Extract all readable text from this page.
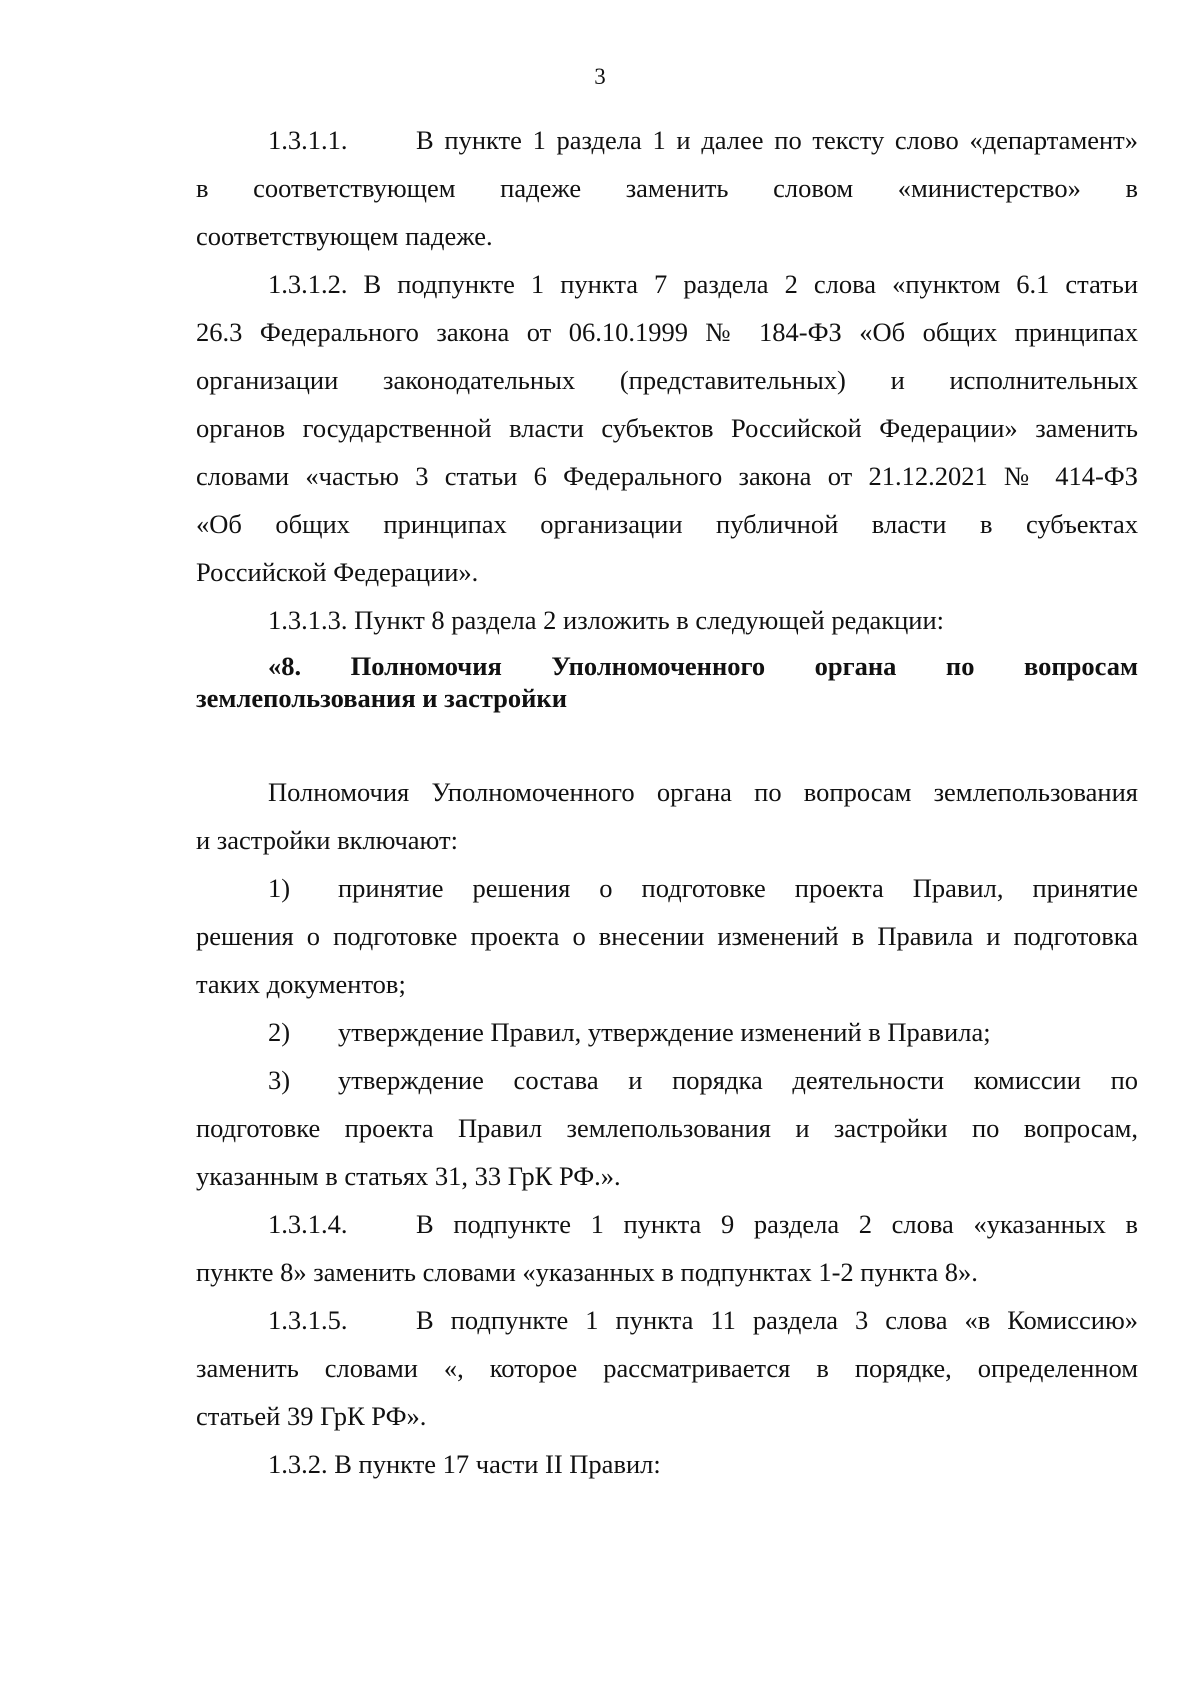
3
1.3.1.1.	В пункте 1 раздела 1 и далее по тексту слово «департамент»
в соответствующем падеже заменить словом «министерство» в
соответствующем падеже.
1.3.1.2. В подпункте 1 пункта 7 раздела 2 слова «пунктом 6.1 статьи
26.3 Федерального закона от 06.10.1999 № 184-ФЗ «Об общих принципах
организации законодательных (представительных) и исполнительных
органов государственной власти субъектов Российской Федерации» заменить
словами «частью 3 статьи 6 Федерального закона от 21.12.2021 № 414-ФЗ
«Об общих принципах организации публичной власти в субъектах
Российской Федерации».
1.3.1.3. Пункт 8 раздела 2 изложить в следующей редакции:
«8. Полномочия Уполномоченного органа по вопросам
землепользования и застройки
Полномочия Уполномоченного органа по вопросам землепользования
и застройки включают:
1)	принятие решения о подготовке проекта Правил, принятие
решения о подготовке проекта о внесении изменений в Правила и подготовка
таких документов;
2)	утверждение Правил, утверждение изменений в Правила;
3)	утверждение состава и порядка деятельности комиссии по
подготовке проекта Правил землепользования и застройки по вопросам,
указанным в статьях 31, 33 ГрК РФ.».
1.3.1.4.	В подпункте 1 пункта 9 раздела 2 слова «указанных в
пункте 8» заменить словами «указанных в подпунктах 1-2 пункта 8».
1.3.1.5.	В подпункте 1 пункта 11 раздела 3 слова «в Комиссию»
заменить словами «, которое рассматривается в порядке, определенном
статьей 39 ГрК РФ».
1.3.2. В пункте 17 части II Правил:
